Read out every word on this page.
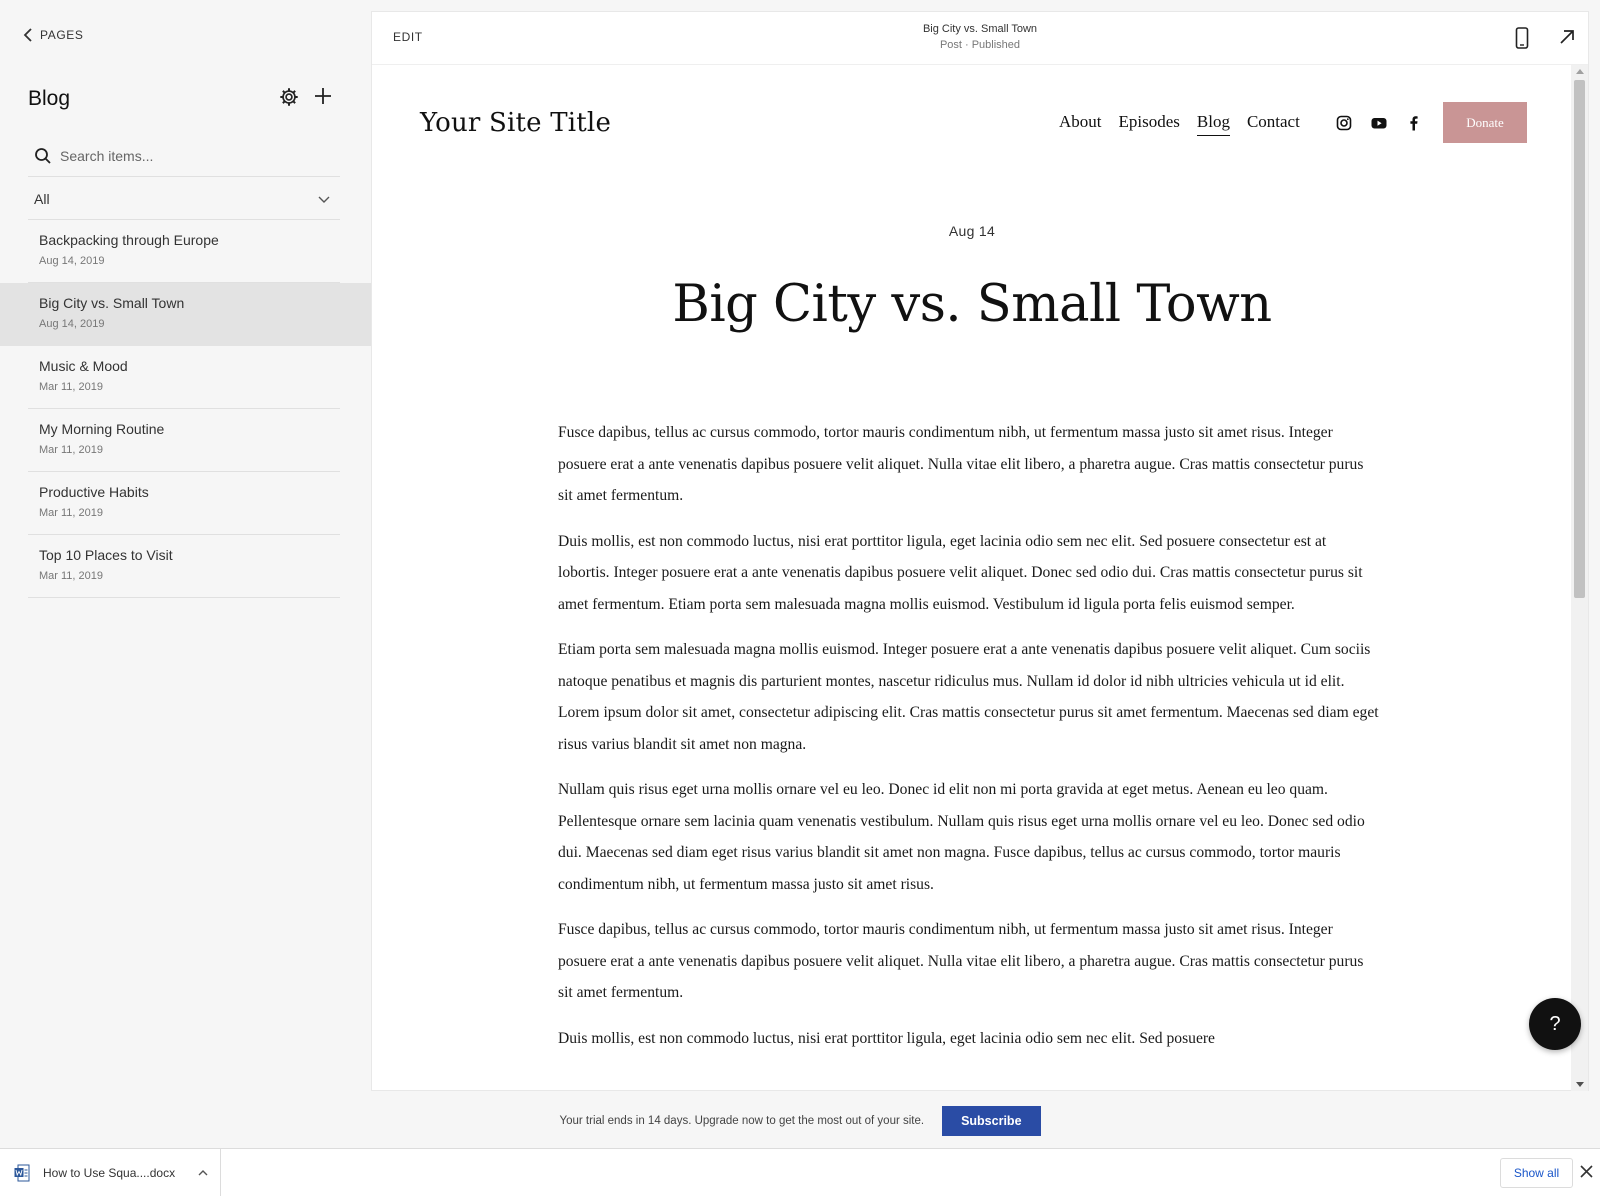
PAGES
Blog
Search items...
All
Backpacking through Europe
Aug 14, 2019
Big City vs. Small Town
Aug 14, 2019
Music & Mood
Mar 11, 2019
My Morning Routine
Mar 11, 2019
Productive Habits
Mar 11, 2019
Top 10 Places to Visit
Mar 11, 2019
EDIT
Big City vs. Small Town
Post · Published
Your Site Title	About Episodes Blog Contact	Donate
Aug 14
Big City vs. Small Town

Fusce dapibus, tellus ac cursus commodo, tortor mauris condimentum nibh, ut fermentum massa justo sit amet risus. Integer posuere erat a ante venenatis dapibus posuere velit aliquet. Nulla vitae elit libero, a pharetra augue. Cras mattis consectetur purus sit amet fermentum.

Duis mollis, est non commodo luctus, nisi erat porttitor ligula, eget lacinia odio sem nec elit. Sed posuere consectetur est at lobortis. Integer posuere erat a ante venenatis dapibus posuere velit aliquet. Donec sed odio dui. Cras mattis consectetur purus sit amet fermentum. Etiam porta sem malesuada magna mollis euismod. Vestibulum id ligula porta felis euismod semper.

Etiam porta sem malesuada magna mollis euismod. Integer posuere erat a ante venenatis dapibus posuere velit aliquet. Cum sociis natoque penatibus et magnis dis parturient montes, nascetur ridiculus mus. Nullam id dolor id nibh ultricies vehicula ut id elit. Lorem ipsum dolor sit amet, consectetur adipiscing elit. Cras mattis consectetur purus sit amet fermentum. Maecenas sed diam eget risus varius blandit sit amet non magna.

Nullam quis risus eget urna mollis ornare vel eu leo. Donec id elit non mi porta gravida at eget metus. Aenean eu leo quam. Pellentesque ornare sem lacinia quam venenatis vestibulum. Nullam quis risus eget urna mollis ornare vel eu leo. Donec sed odio dui. Maecenas sed diam eget risus varius blandit sit amet non magna. Fusce dapibus, tellus ac cursus commodo, tortor mauris condimentum nibh, ut fermentum massa justo sit amet risus.

Fusce dapibus, tellus ac cursus commodo, tortor mauris condimentum nibh, ut fermentum massa justo sit amet risus. Integer posuere erat a ante venenatis dapibus posuere velit aliquet. Nulla vitae elit libero, a pharetra augue. Cras mattis consectetur purus sit amet fermentum.

Duis mollis, est non commodo luctus, nisi erat porttitor ligula, eget lacinia odio sem nec elit. Sed posuere

?
Your trial ends in 14 days. Upgrade now to get the most out of your site.	Subscribe
How to Use Squa....docx	Show all
